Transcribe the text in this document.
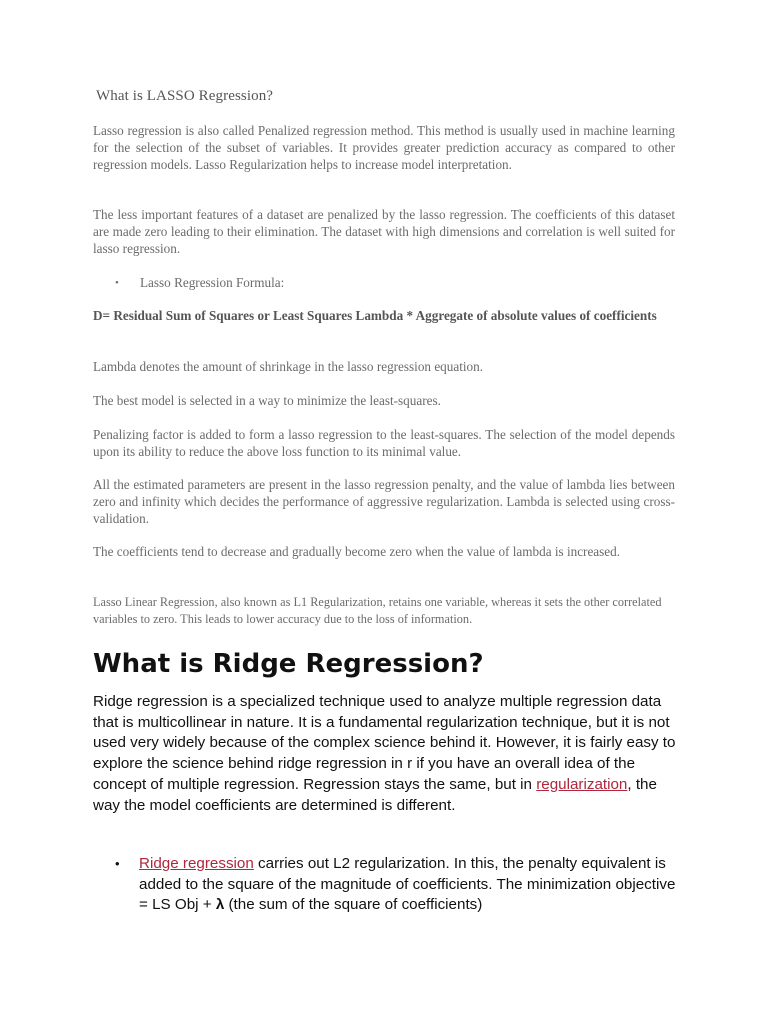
What is LASSO Regression?

Lasso regression is also called Penalized regression method. This method is usually used in machine learning for the selection of the subset of variables. It provides greater prediction accuracy as compared to other regression models. Lasso Regularization helps to increase model interpretation.

The less important features of a dataset are penalized by the lasso regression. The coefficients of this dataset are made zero leading to their elimination. The dataset with high dimensions and correlation is well suited for lasso regression.

• Lasso Regression Formula:

D= Residual Sum of Squares or Least Squares Lambda * Aggregate of absolute values of coefficients

Lambda denotes the amount of shrinkage in the lasso regression equation.

The best model is selected in a way to minimize the least-squares.

Penalizing factor is added to form a lasso regression to the least-squares. The selection of the model depends upon its ability to reduce the above loss function to its minimal value.

All the estimated parameters are present in the lasso regression penalty, and the value of lambda lies between zero and infinity which decides the performance of aggressive regularization. Lambda is selected using cross-validation.

The coefficients tend to decrease and gradually become zero when the value of lambda is increased.

Lasso Linear Regression, also known as L1 Regularization, retains one variable, whereas it sets the other correlated variables to zero. This leads to lower accuracy due to the loss of information.

What is Ridge Regression?

Ridge regression is a specialized technique used to analyze multiple regression data that is multicollinear in nature. It is a fundamental regularization technique, but it is not used very widely because of the complex science behind it. However, it is fairly easy to explore the science behind ridge regression in r if you have an overall idea of the concept of multiple regression. Regression stays the same, but in regularization, the way the model coefficients are determined is different.

• Ridge regression carries out L2 regularization. In this, the penalty equivalent is added to the square of the magnitude of coefficients. The minimization objective = LS Obj + λ (the sum of the square of coefficients)
